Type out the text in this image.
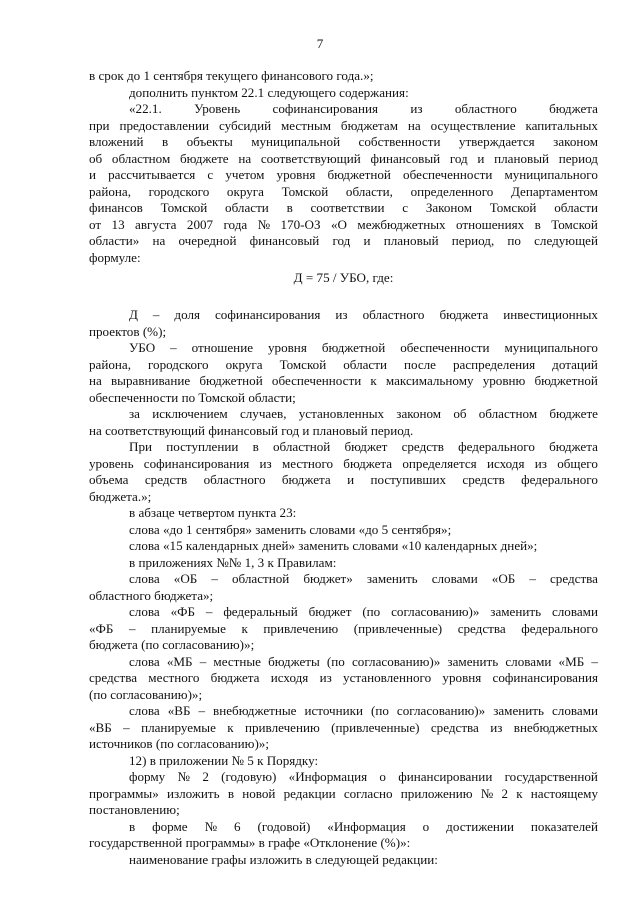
7
в срок до 1 сентября текущего финансового года.»;
дополнить пунктом 22.1 следующего содержания:
«22.1. Уровень софинансирования из областного бюджета
при предоставлении субсидий местным бюджетам на осуществление капитальных
вложений в объекты муниципальной собственности утверждается законом
об областном бюджете на соответствующий финансовый год и плановый период
и рассчитывается с учетом уровня бюджетной обеспеченности муниципального
района, городского округа Томской области, определенного Департаментом
финансов Томской области в соответствии с Законом Томской области
от 13 августа 2007 года № 170-ОЗ «О межбюджетных отношениях в Томской
области» на очередной финансовый год и плановый период, по следующей
формуле:
Д = 75 / УБО, где:
Д – доля софинансирования из областного бюджета инвестиционных
проектов (%);
УБО – отношение уровня бюджетной обеспеченности муниципального
района, городского округа Томской области после распределения дотаций
на выравнивание бюджетной обеспеченности к максимальному уровню бюджетной
обеспеченности по Томской области;
за исключением случаев, установленных законом об областном бюджете
на соответствующий финансовый год и плановый период.
При поступлении в областной бюджет средств федерального бюджета
уровень софинансирования из местного бюджета определяется исходя из общего
объема средств областного бюджета и поступивших средств федерального
бюджета.»;
в абзаце четвертом пункта 23:
слова «до 1 сентября» заменить словами «до 5 сентября»;
слова «15 календарных дней» заменить словами «10 календарных дней»;
в приложениях №№ 1, 3 к Правилам:
слова «ОБ – областной бюджет» заменить словами «ОБ – средства
областного бюджета»;
слова «ФБ – федеральный бюджет (по согласованию)» заменить словами
«ФБ – планируемые к привлечению (привлеченные) средства федерального
бюджета (по согласованию)»;
слова «МБ – местные бюджеты (по согласованию)» заменить словами «МБ –
средства местного бюджета исходя из установленного уровня софинансирования
(по согласованию)»;
слова «ВБ – внебюджетные источники (по согласованию)» заменить словами
«ВБ – планируемые к привлечению (привлеченные) средства из внебюджетных
источников (по согласованию)»;
12) в приложении № 5 к Порядку:
форму № 2 (годовую) «Информация о финансировании государственной
программы» изложить в новой редакции согласно приложению № 2 к настоящему
постановлению;
в форме № 6 (годовой) «Информация о достижении показателей
государственной программы» в графе «Отклонение (%)»:
наименование графы изложить в следующей редакции:
